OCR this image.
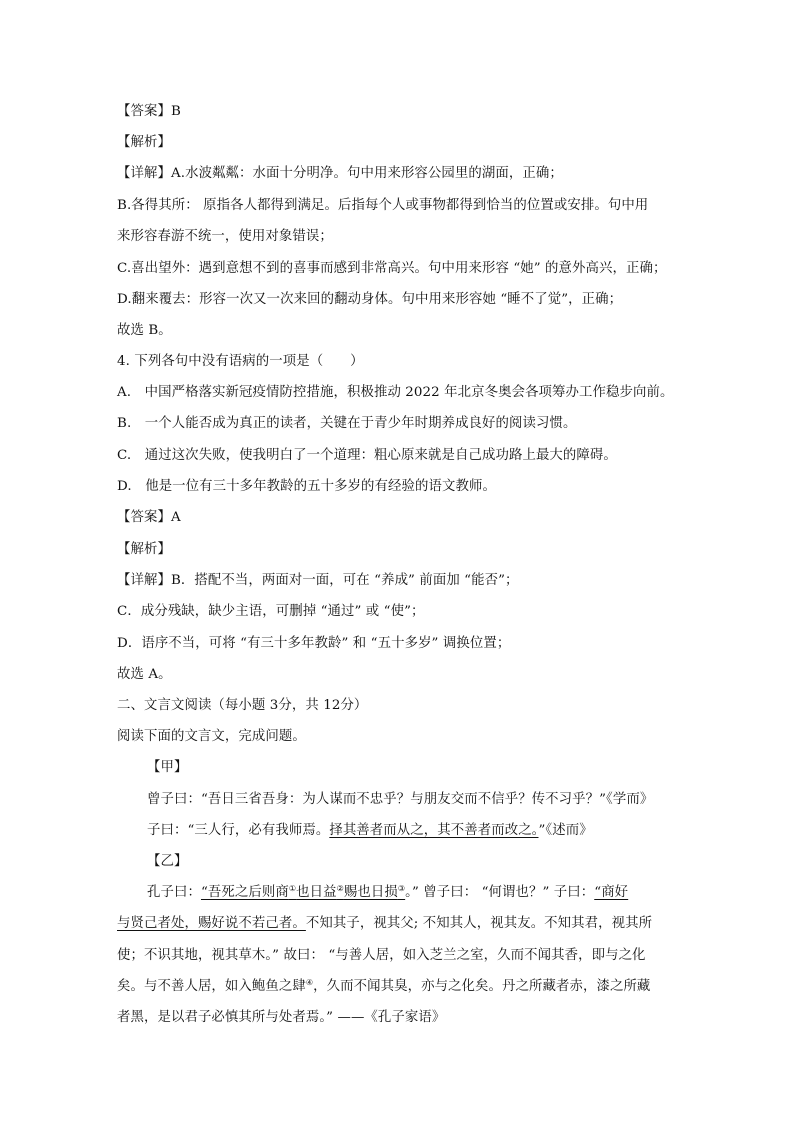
【答案】B
【解析】
【详解】A.水波粼粼：水面十分明净。句中用来形容公园里的湖面，正确；
B.各得其所： 原指各人都得到满足。后指每个人或事物都得到恰当的位置或安排。句中用
来形容春游不统一，使用对象错误；
C.喜出望外：遇到意想不到的喜事而感到非常高兴。句中用来形容 “她” 的意外高兴，正确；
D.翻来覆去：形容一次又一次来回的翻动身体。句中用来形容她 “睡不了觉”，正确；
故选 B。
4. 下列各句中没有语病的一项是（　　）
A.　中国严格落实新冠疫情防控措施，积极推动 2022 年北京冬奥会各项筹办工作稳步向前。
B.　一个人能否成为真正的读者，关键在于青少年时期养成良好的阅读习惯。
C.　通过这次失败，使我明白了一个道理：粗心原来就是自己成功路上最大的障碍。
D.　他是一位有三十多年教龄的五十多岁的有经验的语文教师。
【答案】A
【解析】
【详解】B．搭配不当，两面对一面，可在 “养成” 前面加 “能否”；
C．成分残缺，缺少主语，可删掉 “通过” 或 “使”；
D．语序不当，可将 “有三十多年教龄” 和 “五十多岁” 调换位置；
故选 A。
二、文言文阅读（每小题 3分，共 12分）
阅读下面的文言文，完成问题。
【甲】
曾子曰：“吾日三省吾身：为人谋而不忠乎？与朋友交而不信乎？传不习乎？”《学而》
子曰：“三人行，必有我师焉。择其善者而从之，其不善者而改之。”《述而》
【乙】
孔子曰：“吾死之后则商①也日益②赐也日损③。” 曾子曰： “何谓也？” 子曰：“商好
与贤己者处，赐好说不若己者。不知其子，视其父; 不知其人，视其友。不知其君，视其所
使；不识其地，视其草木。” 故曰： “与善人居，如入芝兰之室，久而不闻其香，即与之化
矣。与不善人居，如入鲍鱼之肆④，久而不闻其臭，亦与之化矣。丹之所藏者赤，漆之所藏
者黑，是以君子必慎其所与处者焉。” ——《孔子家语》
